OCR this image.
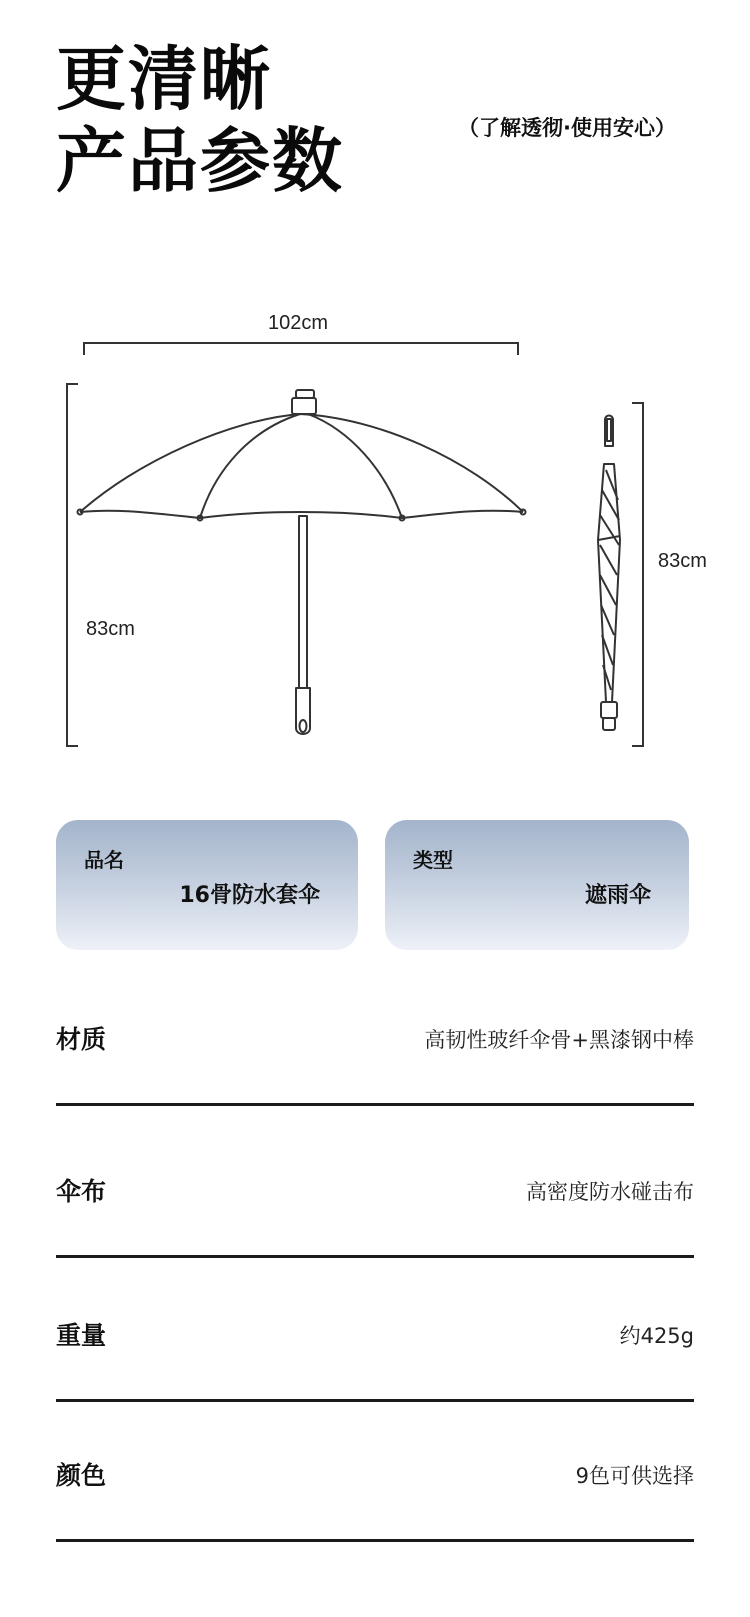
更清晰
产品参数	（了解透彻·使用安心）
102cm
83cm
83cm
品名
16骨防水套伞
类型
遮雨伞
材质	高韧性玻纤伞骨+黑漆钢中棒
伞布	高密度防水碰击布
重量	约425g
颜色	9色可供选择
